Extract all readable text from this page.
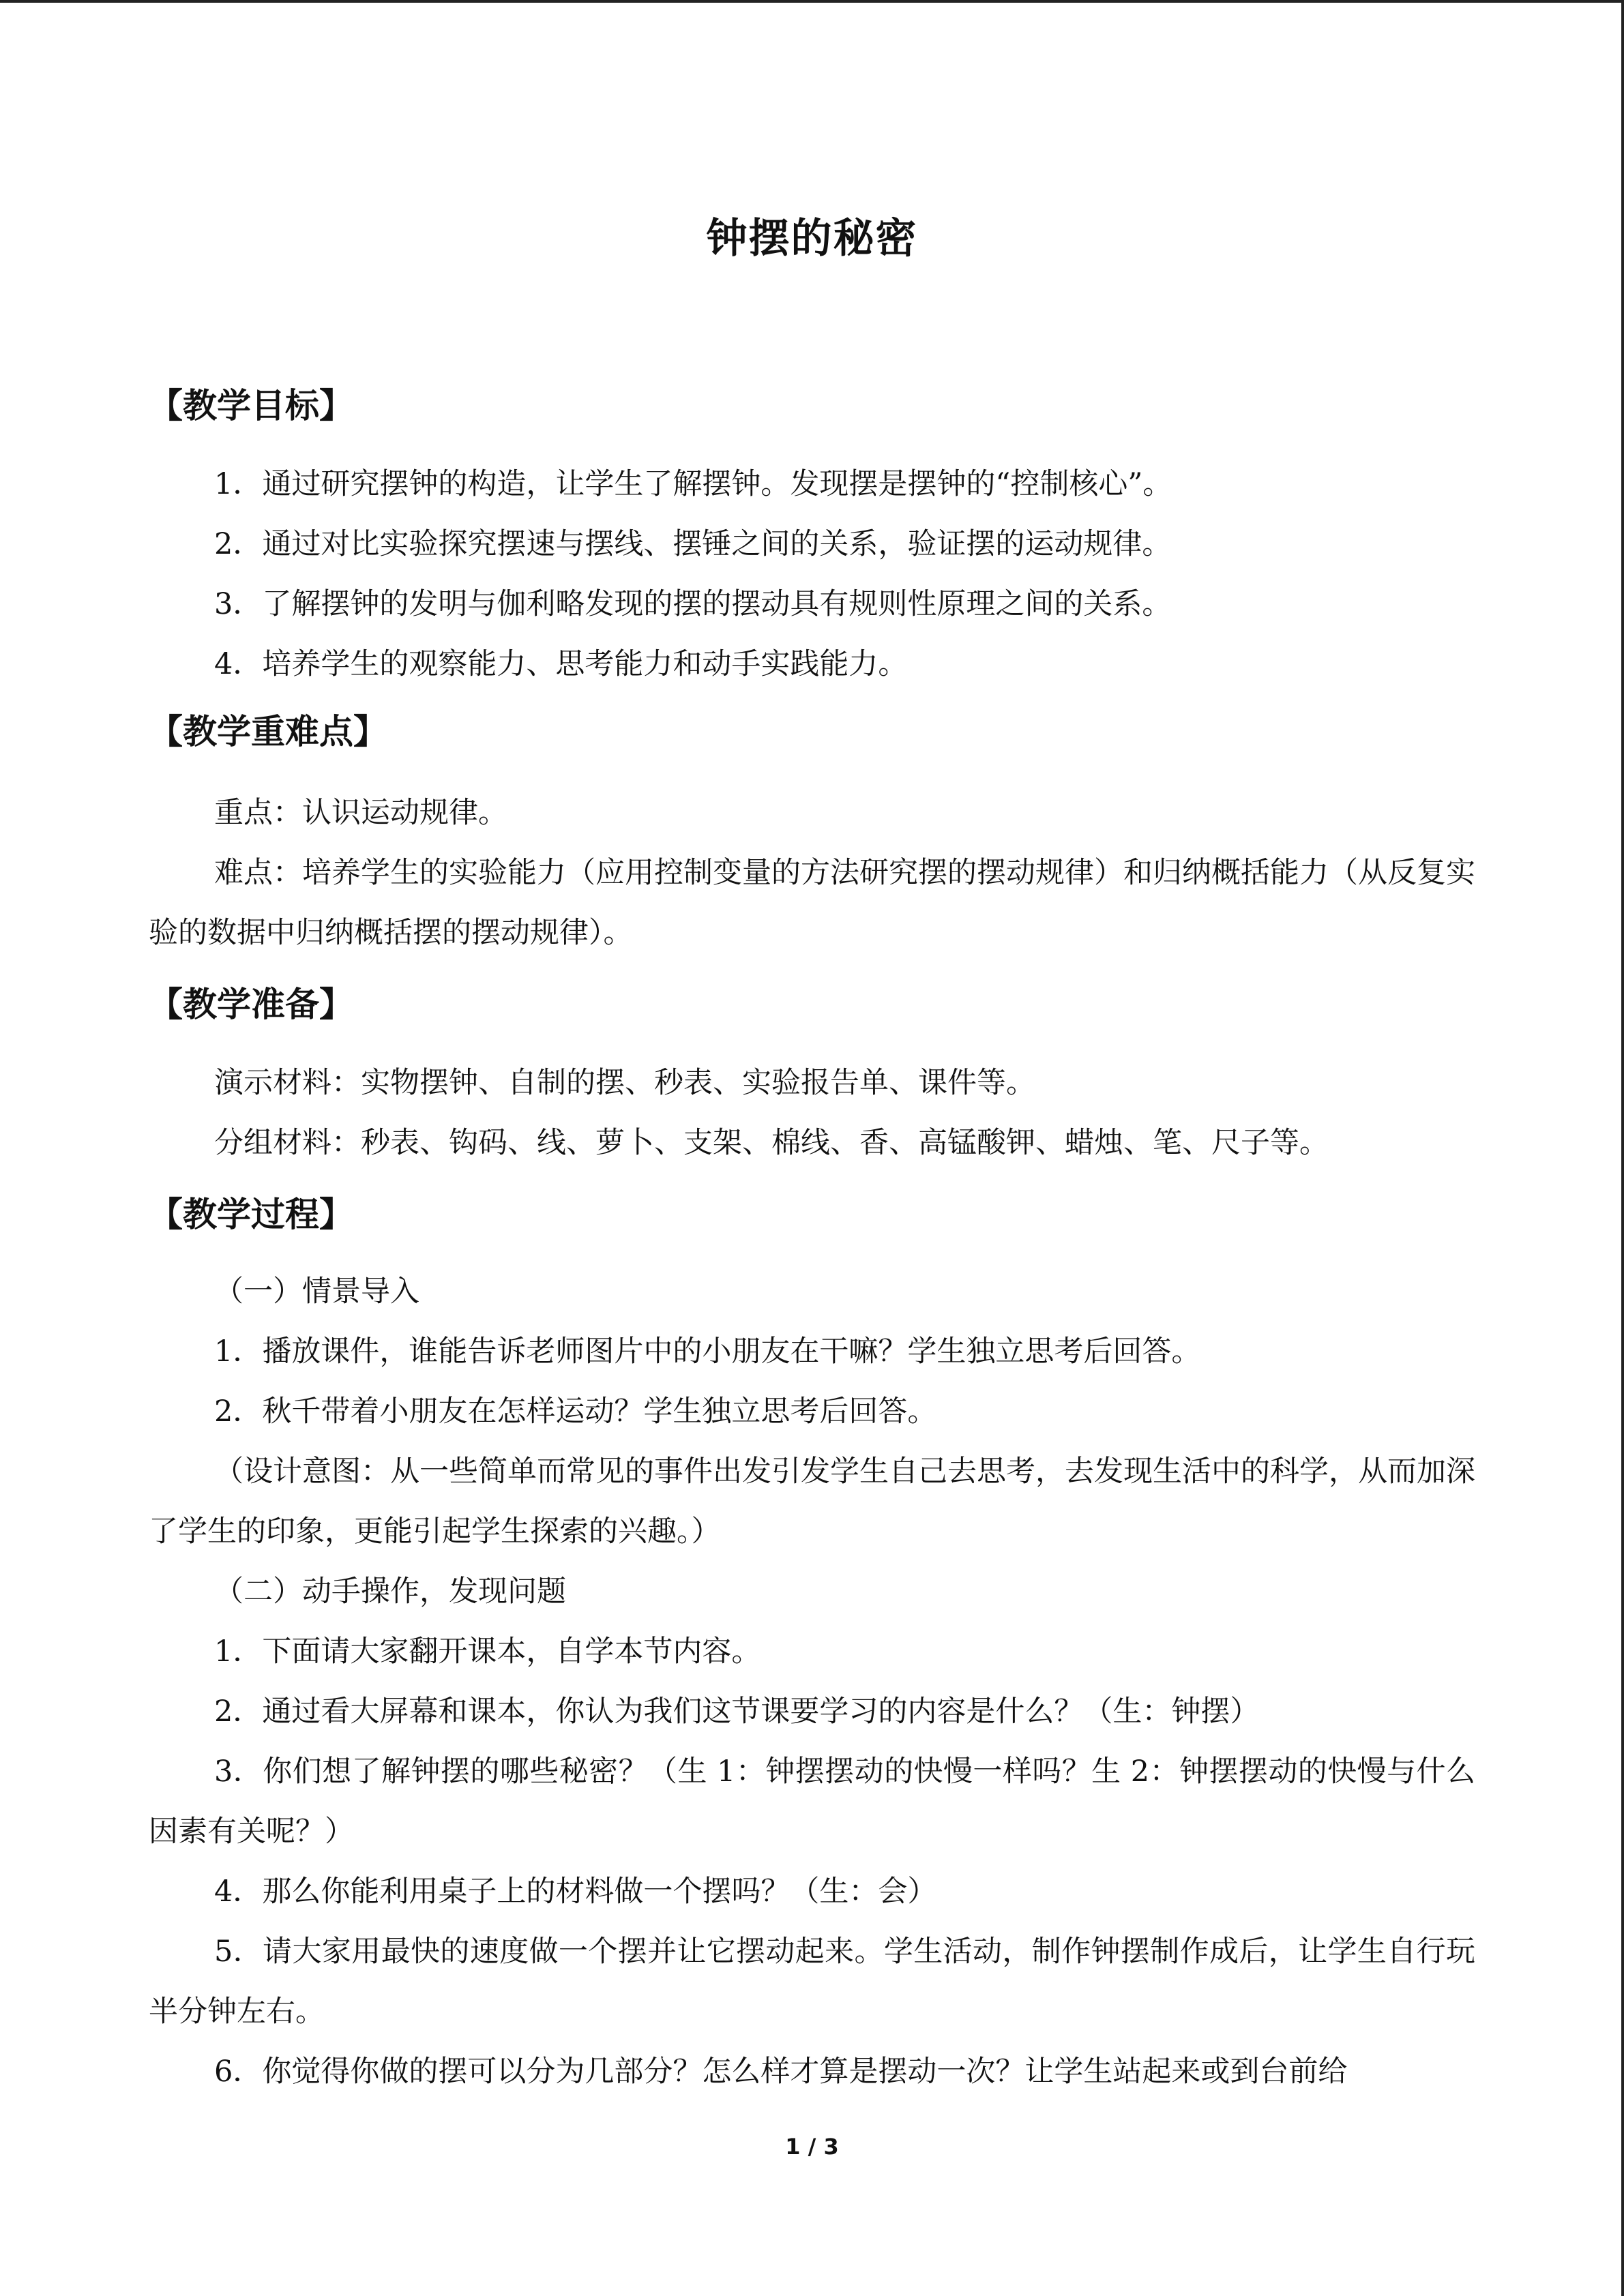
钟摆的秘密
【教学目标】

1．通过研究摆钟的构造，让学生了解摆钟。发现摆是摆钟的“控制核心”。

2．通过对比实验探究摆速与摆线、摆锤之间的关系，验证摆的运动规律。

3．了解摆钟的发明与伽利略发现的摆的摆动具有规则性原理之间的关系。

4．培养学生的观察能力、思考能力和动手实践能力。

【教学重难点】

重点：认识运动规律。

难点：培养学生的实验能力（应用控制变量的方法研究摆的摆动规律）和归纳概括能力（从反复实验的数据中归纳概括摆的摆动规律）。

【教学准备】

演示材料：实物摆钟、自制的摆、秒表、实验报告单、课件等。

分组材料：秒表、钩码、线、萝卜、支架、棉线、香、高锰酸钾、蜡烛、笔、尺子等。

【教学过程】

（一）情景导入

1．播放课件，谁能告诉老师图片中的小朋友在干嘛？学生独立思考后回答。

2．秋千带着小朋友在怎样运动？学生独立思考后回答。

（设计意图：从一些简单而常见的事件出发引发学生自己去思考，去发现生活中的科学，从而加深了学生的印象，更能引起学生探索的兴趣。）

（二）动手操作，发现问题

1．下面请大家翻开课本，自学本节内容。

2．通过看大屏幕和课本，你认为我们这节课要学习的内容是什么？（生：钟摆）

3．你们想了解钟摆的哪些秘密？（生 1：钟摆摆动的快慢一样吗？生 2：钟摆摆动的快慢与什么因素有关呢？）

4．那么你能利用桌子上的材料做一个摆吗？（生：会）

5．请大家用最快的速度做一个摆并让它摆动起来。学生活动，制作钟摆制作成后，让学生自行玩半分钟左右。

6．你觉得你做的摆可以分为几部分？怎么样才算是摆动一次？让学生站起来或到台前给

1 / 3
